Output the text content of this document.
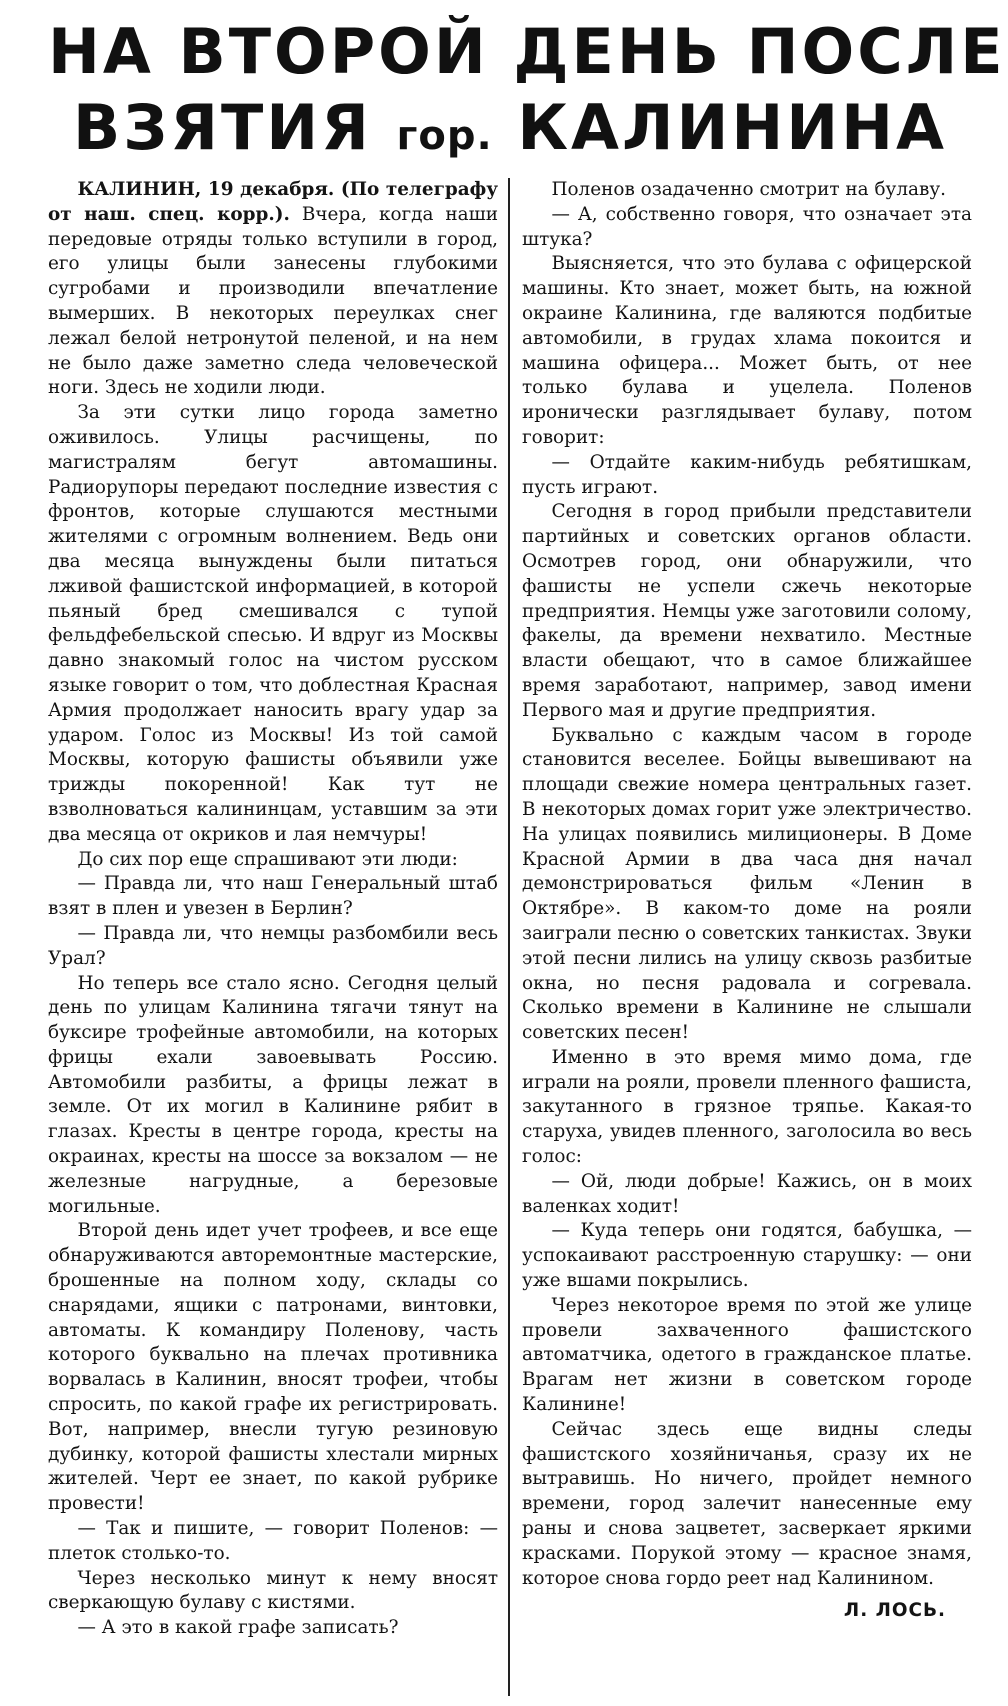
НА ВТОРОЙ ДЕНЬ ПОСЛЕ
ВЗЯТИЯ гор. КАЛИНИНА

КАЛИНИН, 19 декабря. (По телеграфу от наш. спец. корр.). Вчера, когда наши передовые отряды только вступили в город, его улицы были занесены глубокими сугробами и производили впечатление вымерших. В некоторых переулках снег лежал белой нетронутой пеленой, и на нем не было даже заметно следа человеческой ноги. Здесь не ходили люди.

За эти сутки лицо города заметно оживилось. Улицы расчищены, по магистралям бегут автомашины. Радиорупоры передают последние известия с фронтов, которые слушаются местными жителями с огромным волнением. Ведь они два месяца вынуждены были питаться лживой фашистской информацией, в которой пьяный бред смешивался с тупой фельдфебельской спесью. И вдруг из Москвы давно знакомый голос на чистом русском языке говорит о том, что доблестная Красная Армия продолжает наносить врагу удар за ударом. Голос из Москвы! Из той самой Москвы, которую фашисты объявили уже трижды покоренной! Как тут не взволноваться калининцам, уставшим за эти два месяца от окриков и лая немчуры!

До сих пор еще спрашивают эти люди:

— Правда ли, что наш Генеральный штаб взят в плен и увезен в Берлин?

— Правда ли, что немцы разбомбили весь Урал?

Но теперь все стало ясно. Сегодня целый день по улицам Калинина тягачи тянут на буксире трофейные автомобили, на которых фрицы ехали завоевывать Россию. Автомобили разбиты, а фрицы лежат в земле. От их могил в Калинине рябит в глазах. Кресты в центре города, кресты на окраинах, кресты на шоссе за вокзалом — не железные нагрудные, а березовые могильные.

Второй день идет учет трофеев, и все еще обнаруживаются авторемонтные мастерские, брошенные на полном ходу, склады со снарядами, ящики с патронами, винтовки, автоматы. К командиру Поленову, часть которого буквально на плечах противника ворвалась в Калинин, вносят трофеи, чтобы спросить, по какой графе их регистрировать. Вот, например, внесли тугую резиновую дубинку, которой фашисты хлестали мирных жителей. Черт ее знает, по какой рубрике провести!

— Так и пишите, — говорит Поленов: — плеток столько-то.

Через несколько минут к нему вносят сверкающую булаву с кистями.

— А это в какой графе записать?

Поленов озадаченно смотрит на булаву.

— А, собственно говоря, что означает эта штука?

Выясняется, что это булава с офицерской машины. Кто знает, может быть, на южной окраине Калинина, где валяются подбитые автомобили, в грудах хлама покоится и машина офицера... Может быть, от нее только булава и уцелела. Поленов иронически разглядывает булаву, потом говорит:

— Отдайте каким-нибудь ребятишкам, пусть играют.

Сегодня в город прибыли представители партийных и советских органов области. Осмотрев город, они обнаружили, что фашисты не успели сжечь некоторые предприятия. Немцы уже заготовили солому, факелы, да времени нехватило. Местные власти обещают, что в самое ближайшее время заработают, например, завод имени Первого мая и другие предприятия.

Буквально с каждым часом в городе становится веселее. Бойцы вывешивают на площади свежие номера центральных газет. В некоторых домах горит уже электричество. На улицах появились милиционеры. В Доме Красной Армии в два часа дня начал демонстрироваться фильм «Ленин в Октябре». В каком-то доме на рояли заиграли песню о советских танкистах. Звуки этой песни лились на улицу сквозь разбитые окна, но песня радовала и согревала. Сколько времени в Калинине не слышали советских песен!

Именно в это время мимо дома, где играли на рояли, провели пленного фашиста, закутанного в грязное тряпье. Какая-то старуха, увидев пленного, заголосила во весь голос:

— Ой, люди добрые! Кажись, он в моих валенках ходит!

— Куда теперь они годятся, бабушка, — успокаивают расстроенную старушку: — они уже вшами покрылись.

Через некоторое время по этой же улице провели захваченного фашистского автоматчика, одетого в гражданское платье. Врагам нет жизни в советском городе Калинине!

Сейчас здесь еще видны следы фашистского хозяйничанья, сразу их не вытравишь. Но ничего, пройдет немного времени, город залечит нанесенные ему раны и снова зацветет, засверкает яркими красками. Порукой этому — красное знамя, которое снова гордо реет над Калинином.

Л. ЛОСЬ.
